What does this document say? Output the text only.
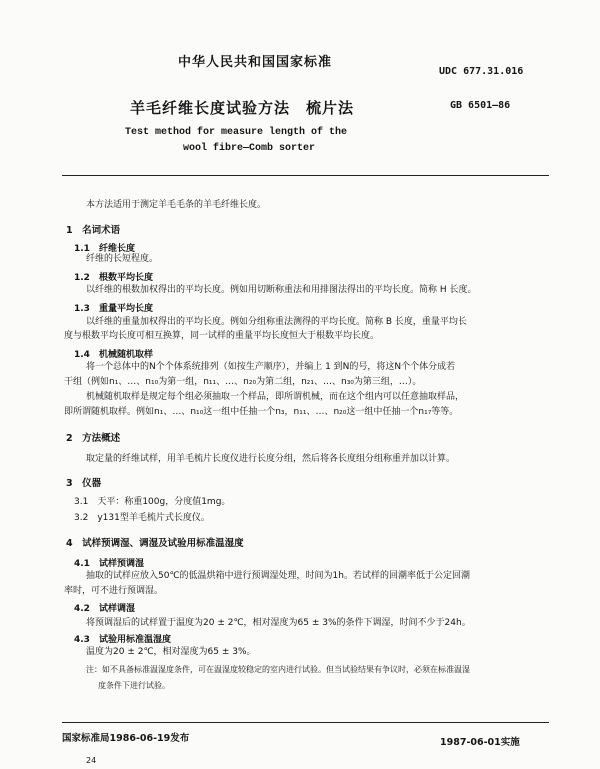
中华人民共和国国家标准
UDC 677.31.016
羊毛纤维长度试验方法　梳片法	GB 6501—86
Test method for measure length of the
wool fibre—Comb sorter
本方法适用于测定羊毛毛条的羊毛纤维长度。
1　名词术语
1.1　纤维长度
纤维的长短程度。
1.2　根数平均长度
以纤维的根数加权得出的平均长度。例如用切断称重法和用排图法得出的平均长度。简称 H 长度。
1.3　重量平均长度
以纤维的重量加权得出的平均长度。例如分组称重法测得的平均长度。简称 B 长度，重量平均长
度与根数平均长度可相互换算，同一试样的重量平均长度恒大于根数平均长度。
1.4　机械随机取样
将一个总体中的N个个体系统排列（如按生产顺序），并编上 1 到N的号，将这N个个体分成若
干组（例如n₁、…、n₁₀为第一组，n₁₁、…、n₂₀为第二组，n₂₁、…、n₃₀为第三组，…）。
机械随机取样是规定每个组必须抽取一个样品，即所谓机械，而在这个组内可以任意抽取样品，
即所谓随机取样。例如n₁、…、n₁₀这一组中任抽一个n₃，n₁₁、…、n₂₀这一组中任抽一个n₁₇等等。
2　方法概述
取定量的纤维试样，用羊毛梳片长度仪进行长度分组，然后将各长度组分组称重并加以计算。
3　仪器
3.1　天平：称重100g，分度值1mg。
3.2　y131型羊毛梳片式长度仪。
4　试样预调湿、调湿及试验用标准温湿度
4.1　试样预调湿
抽取的试样应放入50℃的低温烘箱中进行预调湿处理，时间为1h。若试样的回潮率低于公定回潮
率时，可不进行预调湿。
4.2　试样调湿
将预调湿后的试样置于温度为20 ± 2℃，相对湿度为65 ± 3%的条件下调湿，时间不少于24h。
4.3　试验用标准温湿度
温度为20 ± 2℃，相对湿度为65 ± 3%。
注：如不具备标准温湿度条件，可在温湿度较稳定的室内进行试验。但当试验结果有争议时，必须在标准温湿
度条件下进行试验。
国家标准局1986-06-19发布	1987-06-01实施
24
